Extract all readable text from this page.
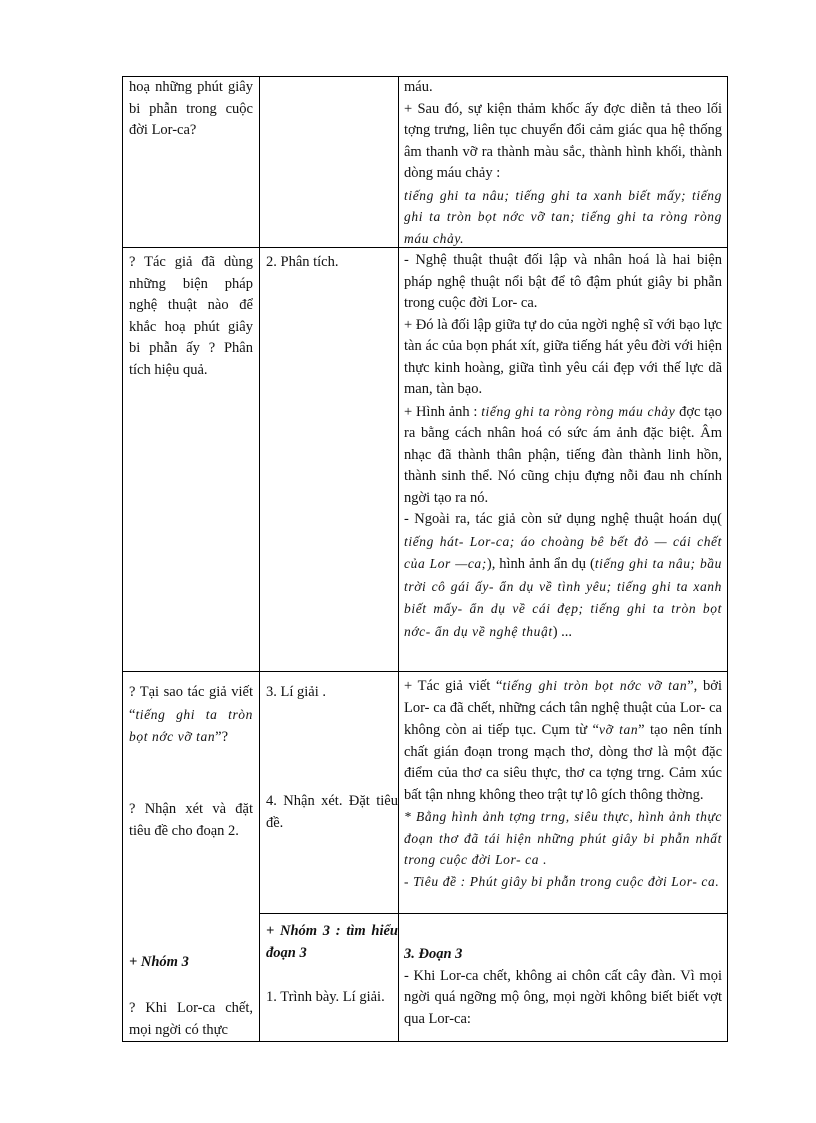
hoạ những phút giây bi phẫn trong cuộc đời Lor-ca?
? Tác giả đã dùng những biện pháp nghệ thuật nào để khắc hoạ phút giây bi phẫn ấy ? Phân tích hiệu quả.
? Tại sao tác giả viết “tiếng ghi ta tròn bọt nớc vỡ tan”?
? Nhận xét và đặt tiêu đề cho đoạn 2.
+ Nhóm 3
? Khi Lor-ca chết, mọi ngời có thực
2. Phân tích.
3. Lí giải .
4. Nhận xét. Đặt tiêu đề.
+ Nhóm 3 : tìm hiểu đoạn 3
1. Trình bày. Lí giải.

máu.

+ Sau đó, sự kiện thảm khốc ấy đợc diễn tả theo lối tợng trưng, liên tục chuyển đổi cảm giác qua hệ thống âm thanh vỡ ra thành màu sắc, thành hình khối, thành dòng máu chảy :

tiếng ghi ta nâu; tiếng ghi ta xanh biết mấy; tiếng ghi ta tròn bọt nớc vỡ tan; tiếng ghi ta ròng ròng máu chảy.

- Nghệ thuật thuật đối lập và nhân hoá là hai biện pháp nghệ thuật nổi bật để tô đậm phút giây bi phẫn trong cuộc đời Lor- ca.

+ Đó là đối lập giữa tự do của ngời nghệ sĩ với bạo lực tàn ác của bọn phát xít, giữa tiếng hát yêu đời với hiện thực kinh hoàng, giữa tình yêu cái đẹp với thế lực dã man, tàn bạo.

+ Hình ảnh : tiếng ghi ta ròng ròng máu chảy đợc tạo ra bằng cách nhân hoá có sức ám ảnh đặc biệt. Âm nhạc đã thành thân phận, tiếng đàn thành linh hồn, thành sinh thể. Nó cũng chịu đựng nỗi đau nh chính ngời tạo ra nó.

- Ngoài ra, tác giả còn sử dụng nghệ thuật hoán dụ( tiếng hát- Lor-ca; áo choàng bê bết đỏ — cái chết của Lor —ca;), hình ảnh ẩn dụ (tiếng ghi ta nâu; bầu trời cô gái ấy- ẩn dụ về tình yêu; tiếng ghi ta xanh biết mấy- ẩn dụ về cái đẹp; tiếng ghi ta tròn bọt nớc- ẩn dụ về nghệ thuật) ...

+ Tác giả viết “tiếng ghi tròn bọt nớc vỡ tan”, bởi Lor- ca đã chết, những cách tân nghệ thuật của Lor- ca không còn ai tiếp tục. Cụm từ “vỡ tan” tạo nên tính chất gián đoạn trong mạch thơ, dòng thơ là một đặc điểm của thơ ca siêu thực, thơ ca tợng trng. Cảm xúc bất tận nhng không theo trật tự lô gích thông thờng.

* Bằng hình ảnh tợng trng, siêu thực, hình ảnh thực đoạn thơ đã tái hiện những phút giây bi phẫn nhất trong cuộc đời Lor- ca .

- Tiêu đề : Phút giây bi phẫn trong cuộc đời Lor- ca.

3. Đoạn 3

- Khi Lor-ca chết, không ai chôn cất cây đàn. Vì mọi ngời quá ngỡng mộ ông, mọi ngời không biết biết vợt qua Lor-ca:
